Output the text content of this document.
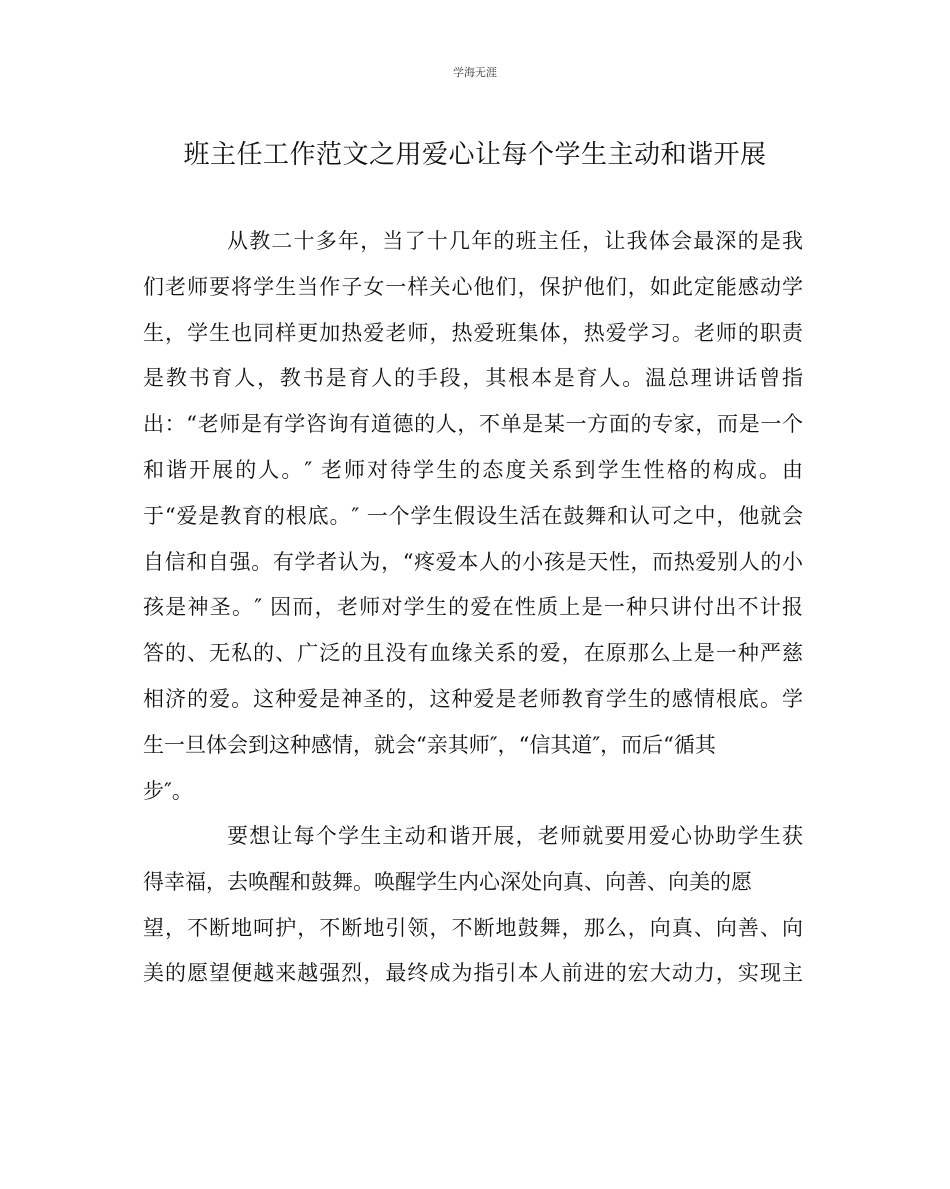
学海无涯
班主任工作范文之用爱心让每个学生主动和谐开展
从教二十多年，当了十几年的班主任，让我体会最深的是我
们老师要将学生当作子女一样关心他们，保护他们，如此定能感动学
生，学生也同样更加热爱老师，热爱班集体，热爱学习。老师的职责
是教书育人，教书是育人的手段，其根本是育人。温总理讲话曾指
出：“老师是有学咨询有道德的人，不单是某一方面的专家，而是一个
和谐开展的人。″ 老师对待学生的态度关系到学生性格的构成。由
于“爱是教育的根底。″ 一个学生假设生活在鼓舞和认可之中，他就会
自信和自强。有学者认为，“疼爱本人的小孩是天性，而热爱别人的小
孩是神圣。″ 因而，老师对学生的爱在性质上是一种只讲付出不计报
答的、无私的、广泛的且没有血缘关系的爱，在原那么上是一种严慈
相济的爱。这种爱是神圣的，这种爱是老师教育学生的感情根底。学
生一旦体会到这种感情，就会“亲其师″，“信其道″，而后“循其
步″。
要想让每个学生主动和谐开展，老师就要用爱心协助学生获
得幸福，去唤醒和鼓舞。唤醒学生内心深处向真、向善、向美的愿
望，不断地呵护，不断地引领，不断地鼓舞，那么，向真、向善、向
美的愿望便越来越强烈，最终成为指引本人前进的宏大动力，实现主
